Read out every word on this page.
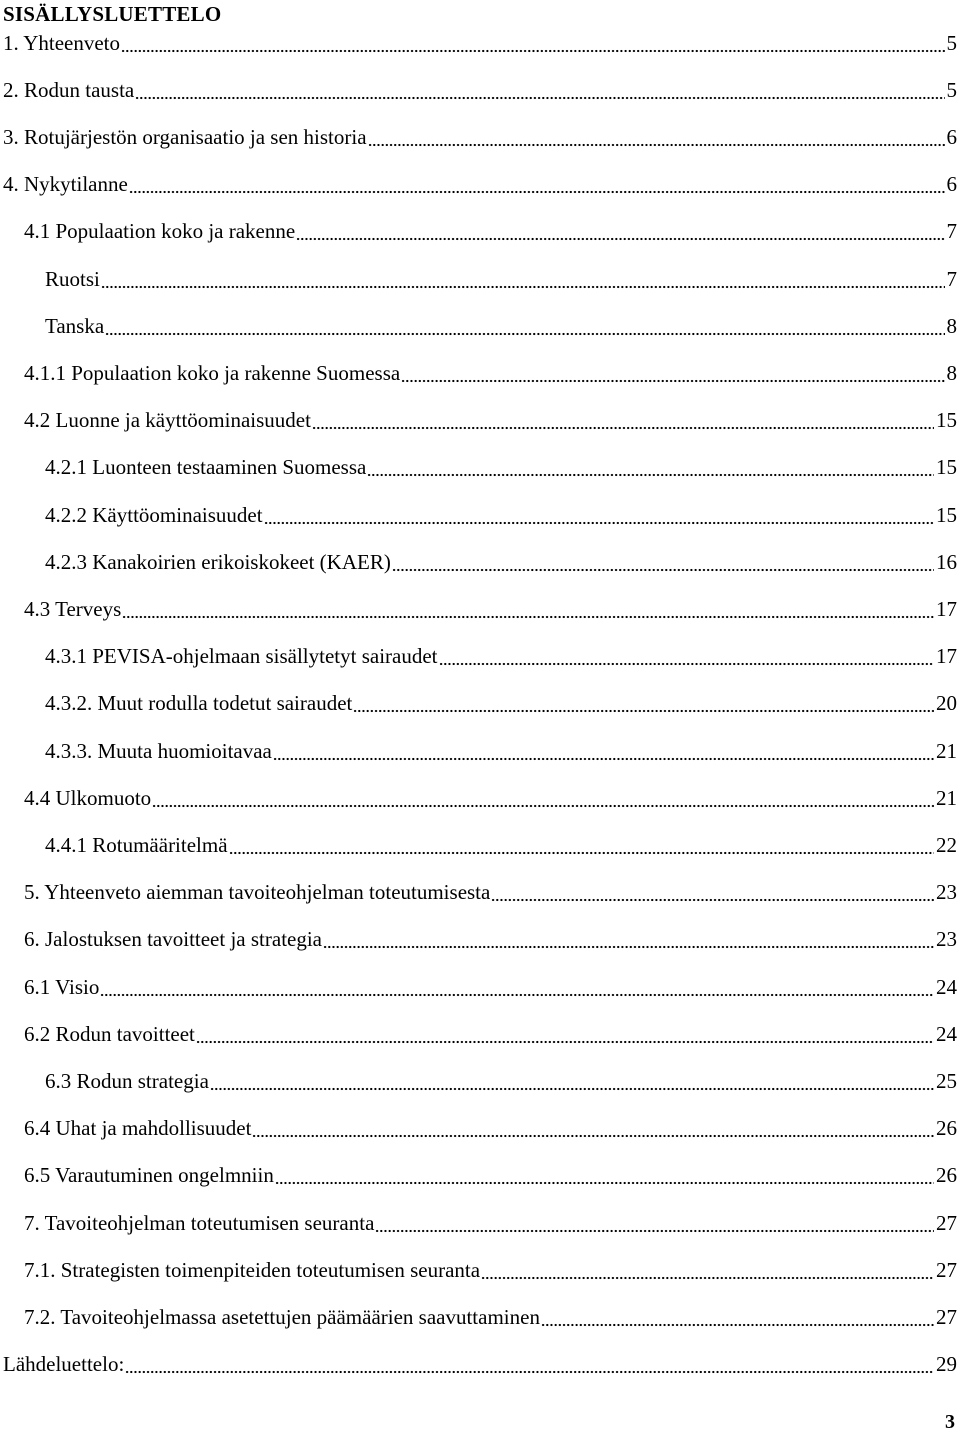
SISÄLLYSLUETTELO
1. Yhteenveto	5
2. Rodun tausta	5
3. Rotujärjestön organisaatio ja sen historia	6
4. Nykytilanne	6
4.1 Populaation koko ja rakenne	7
Ruotsi	7
Tanska	8
4.1.1 Populaation koko ja rakenne Suomessa	8
4.2 Luonne ja käyttöominaisuudet	15
4.2.1 Luonteen testaaminen Suomessa	15
4.2.2 Käyttöominaisuudet	15
4.2.3 Kanakoirien erikoiskokeet (KAER)	16
4.3 Terveys	17
4.3.1 PEVISA-ohjelmaan sisällytetyt sairaudet	17
4.3.2. Muut rodulla todetut sairaudet	20
4.3.3. Muuta huomioitavaa	21
4.4 Ulkomuoto	21
4.4.1 Rotumääritelmä	22
5. Yhteenveto aiemman tavoiteohjelman toteutumisesta	23
6. Jalostuksen tavoitteet ja strategia	23
6.1 Visio	24
6.2 Rodun tavoitteet	24
6.3 Rodun strategia	25
6.4 Uhat ja mahdollisuudet	26
6.5 Varautuminen ongelmniin	26
7. Tavoiteohjelman toteutumisen seuranta	27
7.1. Strategisten toimenpiteiden toteutumisen seuranta	27
7.2. Tavoiteohjelmassa asetettujen päämäärien saavuttaminen	27
Lähdeluettelo:	29
3
